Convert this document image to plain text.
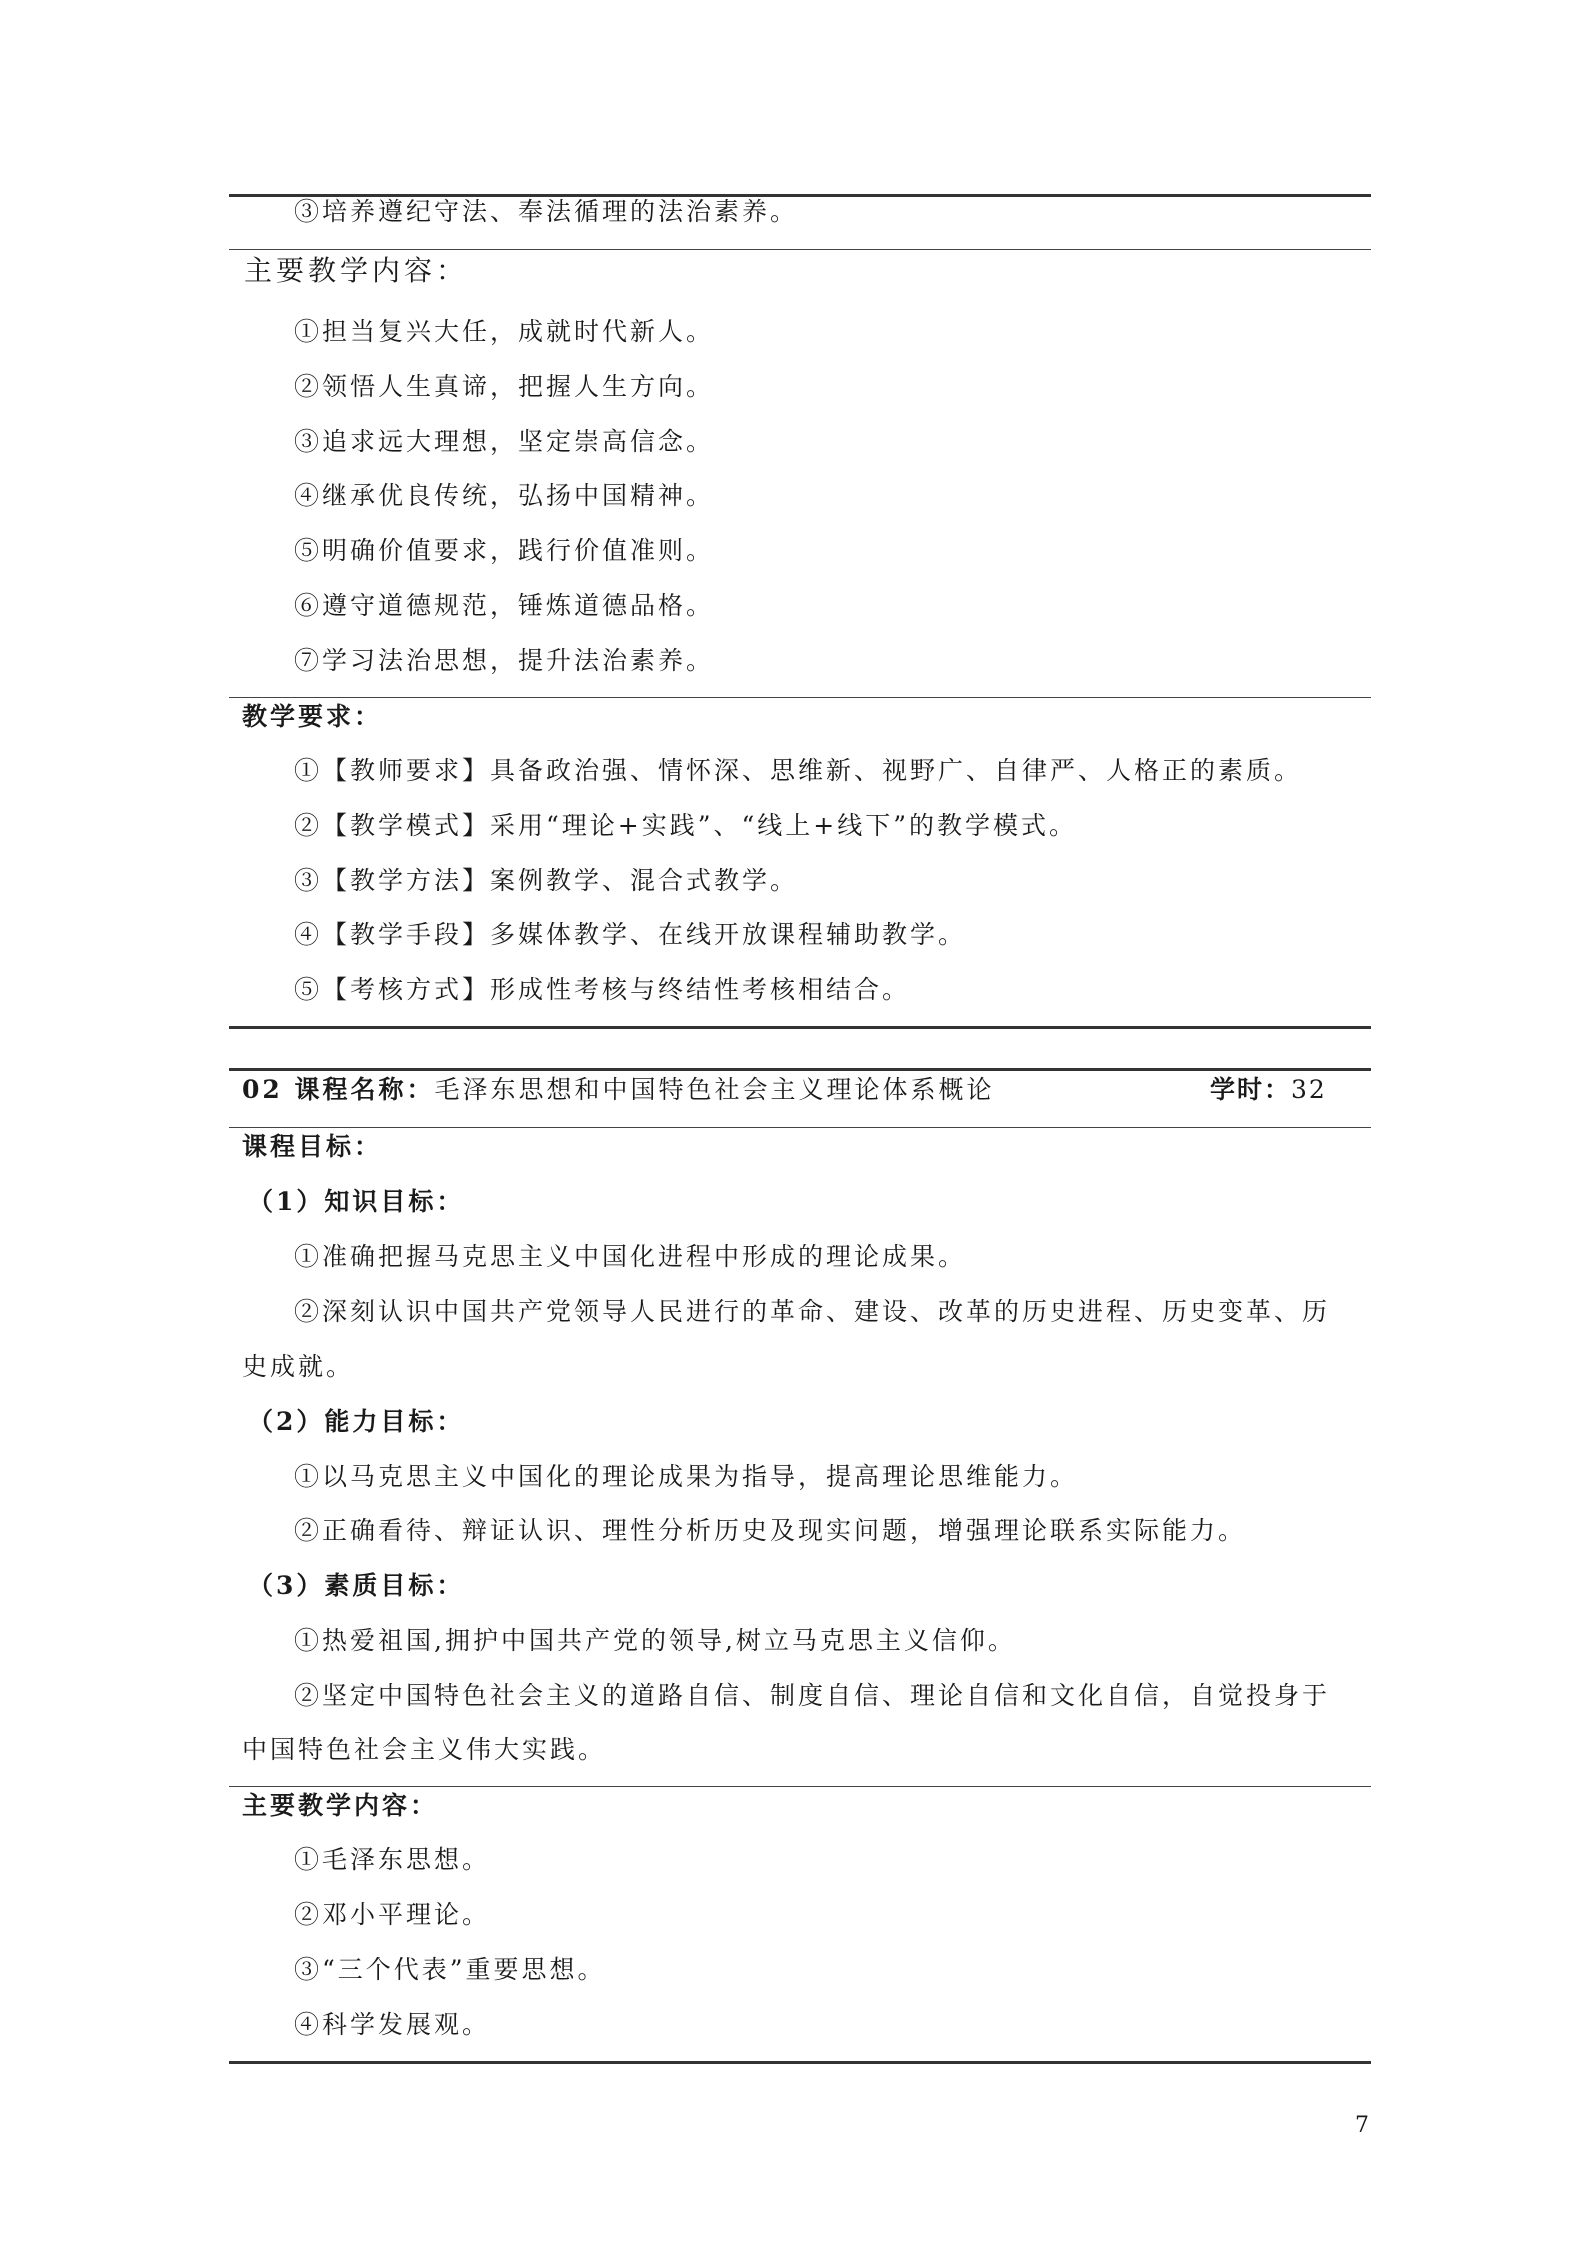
③培养遵纪守法、奉法循理的法治素养。
主要教学内容：
①担当复兴大任，成就时代新人。
②领悟人生真谛，把握人生方向。
③追求远大理想，坚定崇高信念。
④继承优良传统，弘扬中国精神。
⑤明确价值要求，践行价值准则。
⑥遵守道德规范，锤炼道德品格。
⑦学习法治思想，提升法治素养。
教学要求：
①【教师要求】具备政治强、情怀深、思维新、视野广、自律严、人格正的素质。
②【教学模式】采用“理论+实践”、“线上+线下”的教学模式。
③【教学方法】案例教学、混合式教学。
④【教学手段】多媒体教学、在线开放课程辅助教学。
⑤【考核方式】形成性考核与终结性考核相结合。
02 课程名称：毛泽东思想和中国特色社会主义理论体系概论	学时：32
课程目标：
（1）知识目标：
①准确把握马克思主义中国化进程中形成的理论成果。
②深刻认识中国共产党领导人民进行的革命、建设、改革的历史进程、历史变革、历
史成就。
（2）能力目标：
①以马克思主义中国化的理论成果为指导，提高理论思维能力。
②正确看待、辩证认识、理性分析历史及现实问题，增强理论联系实际能力。
（3）素质目标：
①热爱祖国,拥护中国共产党的领导,树立马克思主义信仰。
②坚定中国特色社会主义的道路自信、制度自信、理论自信和文化自信，自觉投身于
中国特色社会主义伟大实践。
主要教学内容：
①毛泽东思想。
②邓小平理论。
③“三个代表”重要思想。
④科学发展观。
7
